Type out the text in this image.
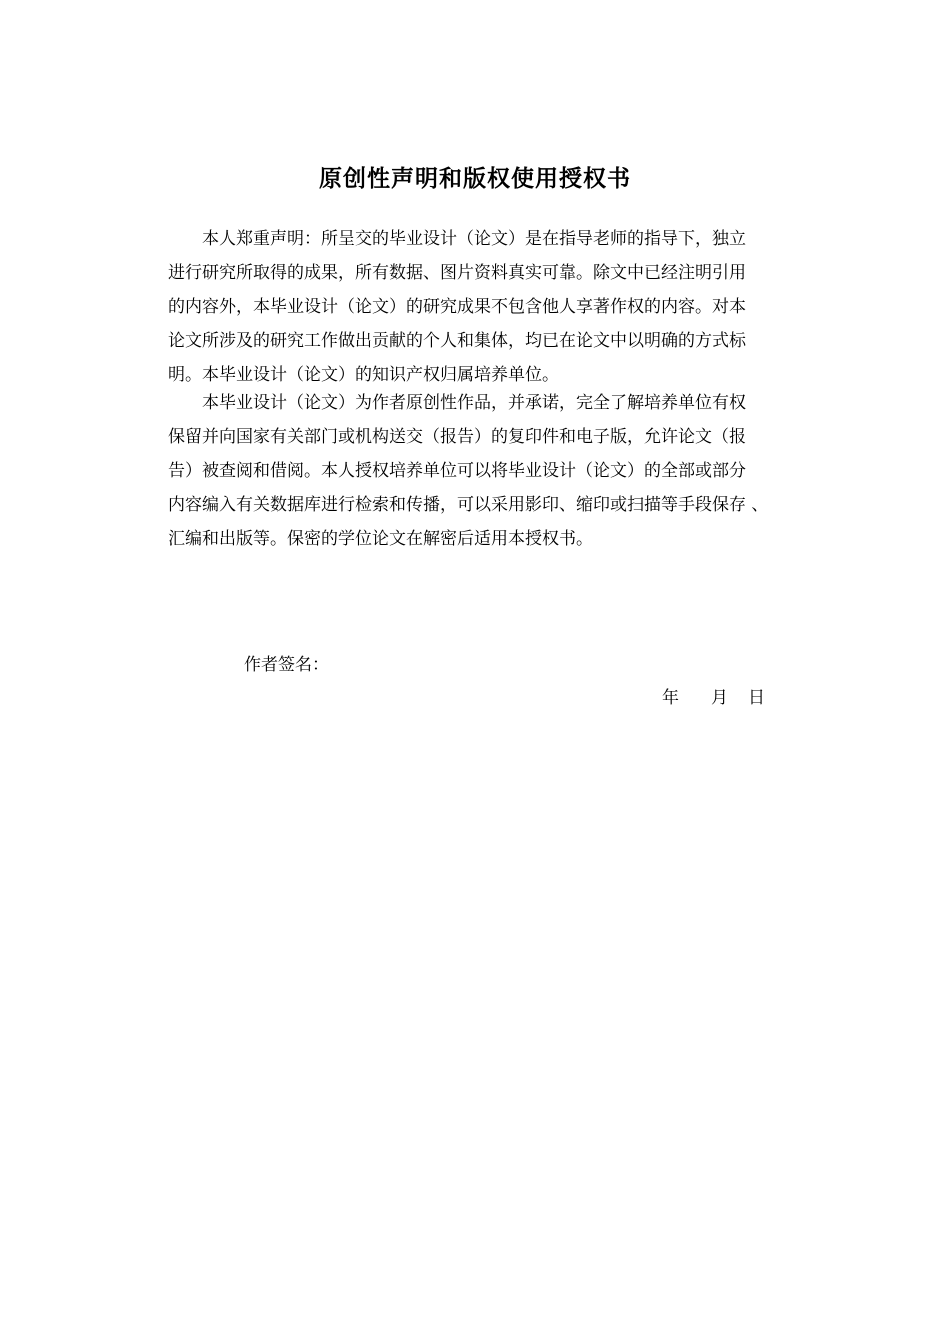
原创性声明和版权使用授权书
　　本人郑重声明：所呈交的毕业设计（论文）是在指导老师的指导下，独立
进行研究所取得的成果，所有数据、图片资料真实可靠。除文中已经注明引用
的内容外，本毕业设计（论文）的研究成果不包含他人享著作权的内容。对本
论文所涉及的研究工作做出贡献的个人和集体，均已在论文中以明确的方式标
明。本毕业设计（论文）的知识产权归属培养单位。
　　本毕业设计（论文）为作者原创性作品，并承诺，完全了解培养单位有权
保留并向国家有关部门或机构送交（报告）的复印件和电子版，允许论文（报
告）被查阅和借阅。本人授权培养单位可以将毕业设计（论文）的全部或部分
内容编入有关数据库进行检索和传播，可以采用影印、缩印或扫描等手段保存 、
汇编和出版等。保密的学位论文在解密后适用本授权书。
作者签名：
年 月 日
